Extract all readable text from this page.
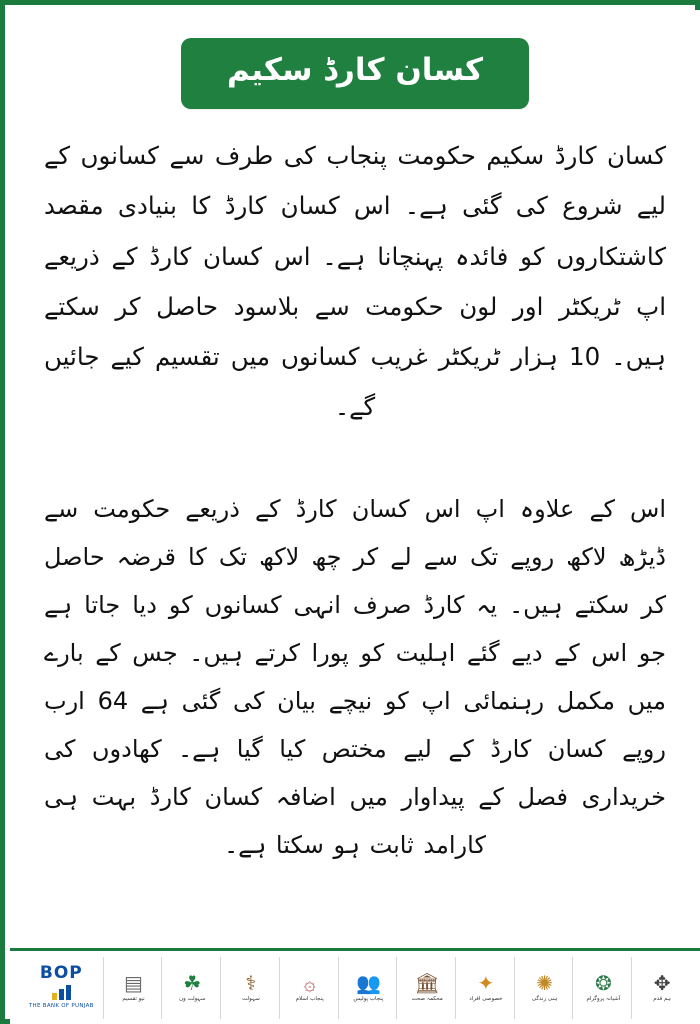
کسان کارڈ سکیم

کسان کارڈ سکیم حکومت پنجاب کی طرف سے کسانوں کے لیے شروع کی گئی ہے۔ اس کسان کارڈ کا بنیادی مقصد کاشتکاروں کو فائدہ پہنچانا ہے۔ اس کسان کارڈ کے ذریعے اپ ٹریکٹر اور لون حکومت سے بلاسود حاصل کر سکتے ہیں۔ 10 ہزار ٹریکٹر غریب کسانوں میں تقسیم کیے جائیں گے۔

اس کے علاوہ اپ اس کسان کارڈ کے ذریعے حکومت سے ڈیڑھ لاکھ روپے تک سے لے کر چھ لاکھ تک کا قرضہ حاصل کر سکتے ہیں۔ یہ کارڈ صرف انہی کسانوں کو دیا جاتا ہے جو اس کے دیے گئے اہلیت کو پورا کرتے ہیں۔ جس کے بارے میں مکمل رہنمائی اپ کو نیچے بیان کی گئی ہے 64 ارب روپے کسان کارڈ کے لیے مختص کیا گیا ہے۔ کھادوں کی خریداری فصل کے پیداوار میں اضافہ کسان کارڈ بہت ہی کارامد ثابت ہو سکتا ہے۔

BOP
THE BANK OF PUNJAB
▤
نیو تقسیم
☘
سہولت ون
⚕
سہولت
۞
پنجاب اسلام
👥
پنجاب پولیس
🏛
محکمہ صحت
✦
خصوصی افراد
✺
ہنی زندگی
❂
آشیانہ پروگرام
✥
ہم قدم
